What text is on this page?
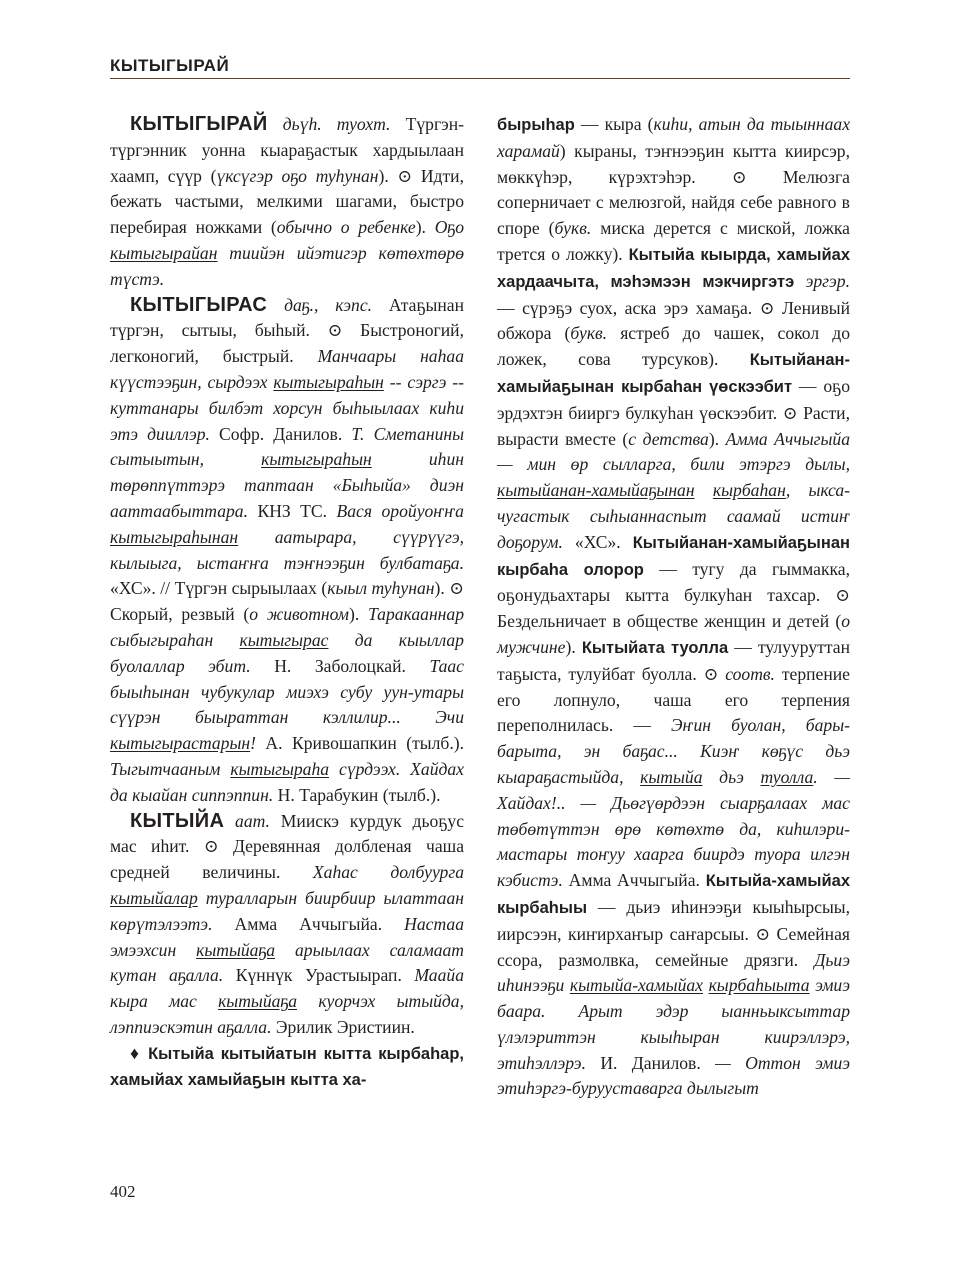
КЫТЫГЫРАЙ

КЫТЫГЫРАЙ дьүһ. туохт. Түргэн-түргэнник уонна кыараҕастык хардыылаан хаамп, сүүр (үксүгэр оҕо туһунан). ⊙ Идти, бежать частыми, мелкими шагами, быстро перебирая ножками (обычно о ребенке). Оҕо кытыгырайан тиийэн ийэтигэр көтөхтөрө түстэ.

КЫТЫГЫРАС даҕ., кэпс. Атаҕынан түргэн, сытыы, быһый. ⊙ Быстроногий, легконогий, быстрый. Манчаары наһаа күүстээҕин, сырдээх кытыгыраһын -- сэргэ -- куттанары билбэт хорсун быһыылаах киһи этэ дииллэр. Софр. Данилов. Т. Сметанины сытыытын, кытыгыраһын иһин төрөппүттэрэ таптаан «Быһыйа» диэн ааттаабыттара. КНЗ ТС. Вася оройуоҥҥа кытыгыраһынан аатырара, сүүрүүгэ, кылыыга, ыстаҥҥа тэҥнээҕин булбатаҕа. «ХС». // Түргэн сырыылаах (кыыл туһунан). ⊙ Скорый, резвый (о животном). Таракааннар сыбыгыраһан кытыгырас да кыыллар буолаллар эбит. Н. Заболоцкай. Таас быыһынан чубукулар миэхэ субу уун-утары сүүрэн быыраттан кэллилир... Эчи кытыгырастарын! А. Кривошапкин (тылб.). Тыгытчааным кытыгыраһа сүрдээх. Хайдах да кыайан сиппэппин. Н. Тарабукин (тылб.).

КЫТЫЙА аат. Миискэ курдук дьоҕус мас иһит. ⊙ Деревянная долбленая чаша средней величины. Хаһас долбуурга кытыйалар туралларын биирбиир ылаттаан көрүтэлээтэ. Амма Аччыгыйа. Настаа эмээхсин кытыйаҕа арыылаах саламаат кутан аҕалла. Күннүк Урастыырап. Маайа кыра мас кытыйаҕа куорчэх ытыйда, лэппиэскэтин аҕалла. Эрилик Эристиин.

♦ Кытыйа кытыйатын кытта кырбаһар, хамыйах хамыйаҕын кытта ха-

бырыһар — кыра (киһи, атын да тыыннаах харамай) кыраны, тэҥнээҕин кытта киирсэр, мөккүһэр, күрэхтэһэр. ⊙ Мелюзга соперничает с мелюзгой, найдя себе равного в споре (букв. миска дерется с миской, ложка трется о ложку). Кытыйа кыырда, хамыйах хардаачыта, мэһэмээн мэкчиргэтэ эргэр. — сүрэҕэ суох, аска эрэ хамаҕа. ⊙ Ленивый обжора (букв. ястреб до чашек, сокол до ложек, сова турсуков). Кытыйанан-хамыйаҕынан кырбаһан үөскээбит — оҕо эрдэхтэн бииргэ булкуһан үөскээбит. ⊙ Расти, вырасти вместе (с детства). Амма Аччыгыйа — мин өр сылларга, били этэргэ дылы, кытыйанан-хамыйаҕынан кырбаһан, ыкса-чугастык сыһыаннаспыт саамай истиҥ доҕорум. «ХС». Кытыйанан-хамыйаҕынан кырбаһа олорор — тугу да гыммакка, оҕонудьахтары кытта булкуһан тахсар. ⊙ Бездельничает в обществе женщин и детей (о мужчине). Кытыйата туолла — тулууруттан таҕыста, тулуйбат буолла. ⊙ соотв. терпение его лопнуло, чаша его терпения переполнилась. — Эҥин буолан, бары-барыта, эн баҕас... Киэҥ көҕүс дьэ кыараҕастыйда, кытыйа дьэ туолла. — Хайдах!.. — Дьөгүөрдээн сыарҕалаах мас төбөтүттэн өрө көтөхтө да, киһилэри-мастары тоҥуу хаарга биирдэ туора илгэн кэбистэ. Амма Аччыгыйа. Кытыйа-хамыйах кырбаһыы — дьиэ иһинээҕи кыыһырсыы, иирсээн, киҥирхаҥыр саҥарсыы. ⊙ Семейная ссора, размолвка, семейные дрязги. Дьиэ иһинээҕи кытыйа-хамыйах кырбаһыыта эмиэ баара. Арыт эдэр ыанньыксыттар үлэлэриттэн кыыһыран киирэллэрэ, этиһэллэрэ. И. Данилов. — Оттон эмиэ этиһэргэ-бурууставарга дылыгыт

402
